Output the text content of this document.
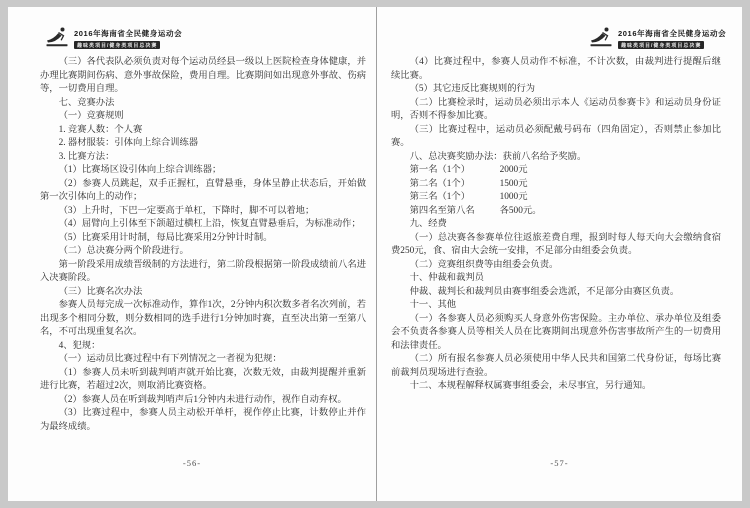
2016年海南省全民健身运动会
趣味类项目/健身类项目总决赛

（三）各代表队必须负责对每个运动员经县一级以上医院检查身体健康，并办理比赛期间伤病、意外事故保险，费用自理。比赛期间如出现意外事故、伤病等，一切费用自理。

七、竞赛办法

（一）竞赛规则

1. 竞赛人数：个人赛

2. 器材服装：引体向上综合训练器

3. 比赛方法：

（1）比赛场区设引体向上综合训练器；

（2）参赛人员跳起，双手正握杠，直臂悬垂，身体呈静止状态后，开始做第一次引体向上的动作；

（3）上升时，下巴一定要高于单杠，下降时，脚不可以着地；

（4）屈臂向上引体至下颌超过横杠上沿，恢复直臂悬垂后，为标准动作；

（5）比赛采用计时制，每局比赛采用2分钟计时制。

（二）总决赛分两个阶段进行。

第一阶段采用成绩晋级制的方法进行，第二阶段根据第一阶段成绩前八名进入决赛阶段。

（三）比赛名次办法

参赛人员每完成一次标准动作，算作1次，2分钟内积次数多者名次列前，若出现多个相同分数，则分数相同的选手进行1分钟加时赛，直至决出第一至第八名，不可出现重复名次。

4、犯规：

（一）运动员比赛过程中有下列情况之一者视为犯规：

（1）参赛人员未听到裁判哨声就开始比赛，次数无效，由裁判提醒并重新进行比赛，若超过2次，则取消比赛资格。

（2）参赛人员在听到裁判哨声后1分钟内未进行动作，视作自动弃权。

（3）比赛过程中，参赛人员主动松开单杆，视作停止比赛，计数停止并作为最终成绩。

-56-
2016年海南省全民健身运动会
趣味类项目/健身类项目总决赛

（4）比赛过程中，参赛人员动作不标准，不计次数，由裁判进行提醒后继续比赛。

（5）其它违反比赛规则的行为

（二）比赛检录时，运动员必须出示本人《运动员参赛卡》和运动员身份证明，否则不得参加比赛。

（三）比赛过程中，运动员必须配戴号码布（四角固定），否则禁止参加比赛。

八、总决赛奖励办法：获前八名给予奖励。

第一名（1个）	2000元

第二名（1个）	1500元

第三名（1个）	1000元

第四名至第八名	各500元。

九、经费

（一）总决赛各参赛单位往返旅差费自理，报到时每人每天向大会缴纳食宿费250元，食、宿由大会统一安排，不足部分由组委会负责。

（二）竞赛组织费等由组委会负责。

十、仲裁和裁判员

仲裁、裁判长和裁判员由赛事组委会选派，不足部分由赛区负责。

十一、其他

（一）各参赛人员必须购买人身意外伤害保险。主办单位、承办单位及组委会不负责各参赛人员等相关人员在比赛期间出现意外伤害事故所产生的一切费用和法律责任。

（二）所有报名参赛人员必须使用中华人民共和国第二代身份证，每场比赛前裁判员现场进行查验。

十二、本规程解释权属赛事组委会，未尽事宜，另行通知。

-57-
